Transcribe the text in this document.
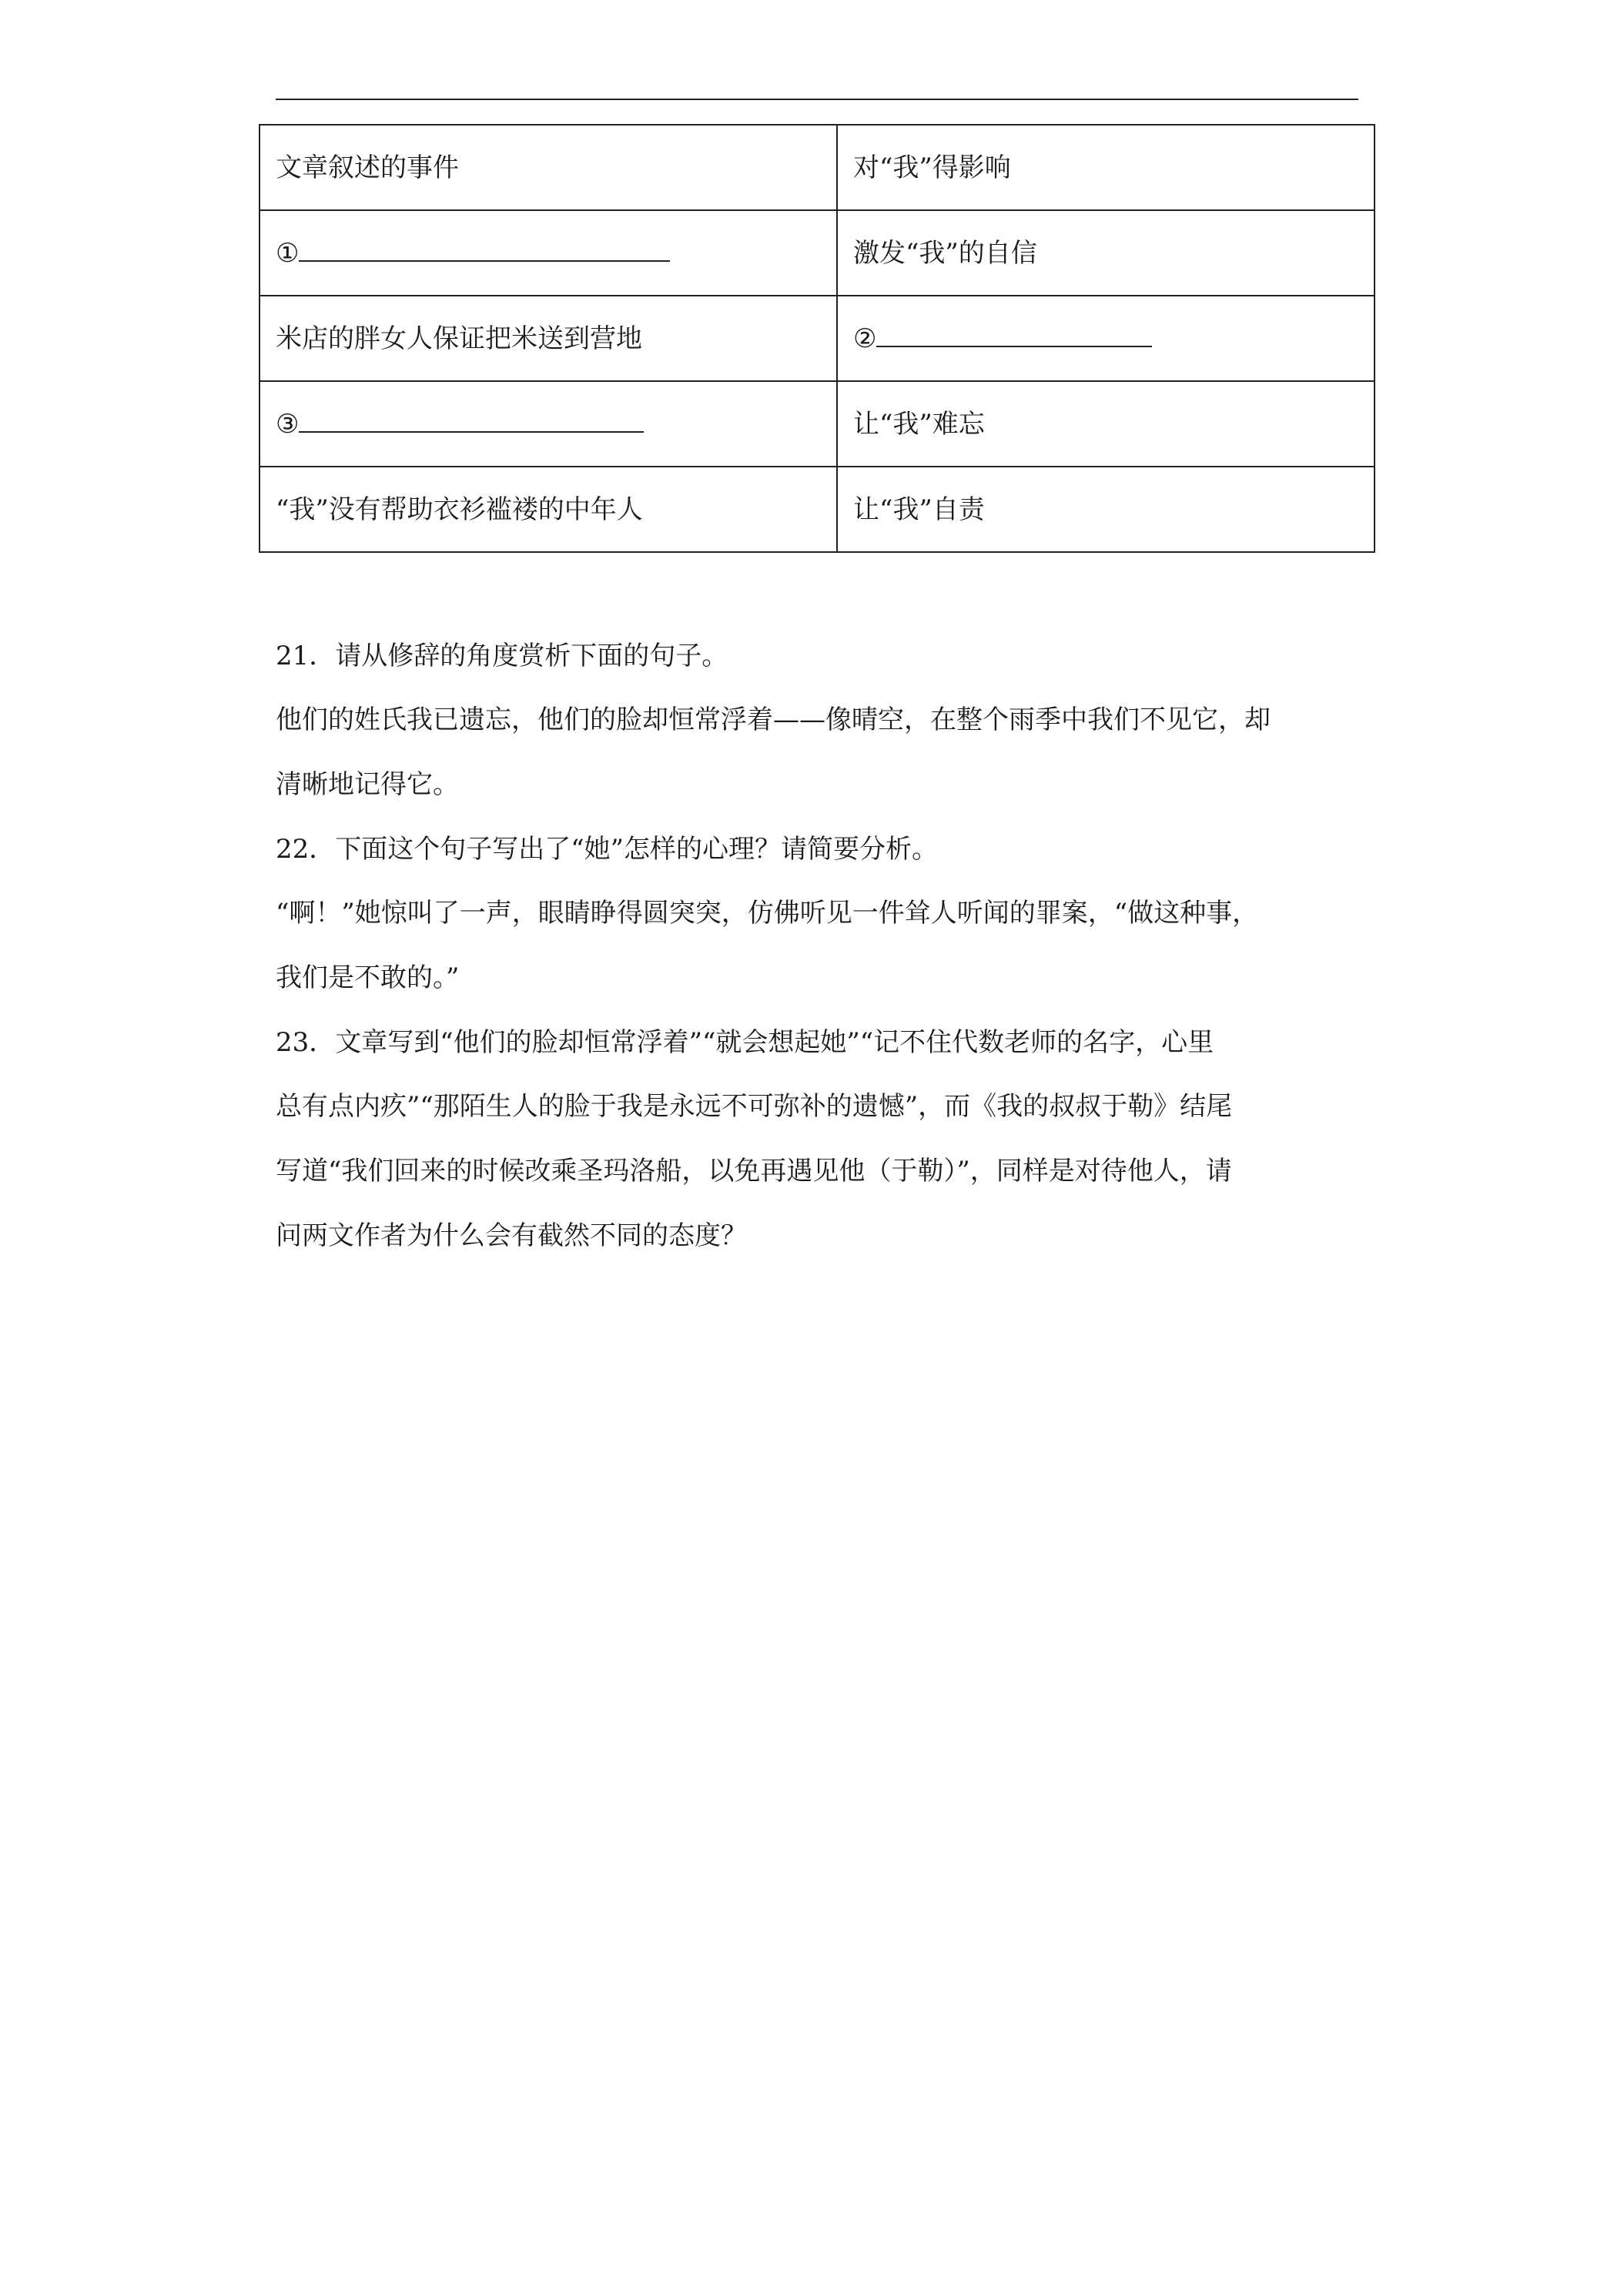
文章叙述的事件	对“我”得影响
①	激发“我”的自信
米店的胖女人保证把米送到营地	②
③	让“我”难忘
“我”没有帮助衣衫褴褛的中年人	让“我”自责
21．请从修辞的角度赏析下面的句子。
他们的姓氏我已遗忘，他们的脸却恒常浮着——像晴空，在整个雨季中我们不见它，却
清晰地记得它。
22．下面这个句子写出了“她”怎样的心理？请简要分析。
“啊！”她惊叫了一声，眼睛睁得圆突突，仿佛听见一件耸人听闻的罪案，“做这种事，
我们是不敢的。”
23．文章写到“他们的脸却恒常浮着”“就会想起她”“记不住代数老师的名字，心里
总有点内疚”“那陌生人的脸于我是永远不可弥补的遗憾”，而《我的叔叔于勒》结尾
写道“我们回来的时候改乘圣玛洛船，以免再遇见他（于勒）”，同样是对待他人，请
问两文作者为什么会有截然不同的态度？
